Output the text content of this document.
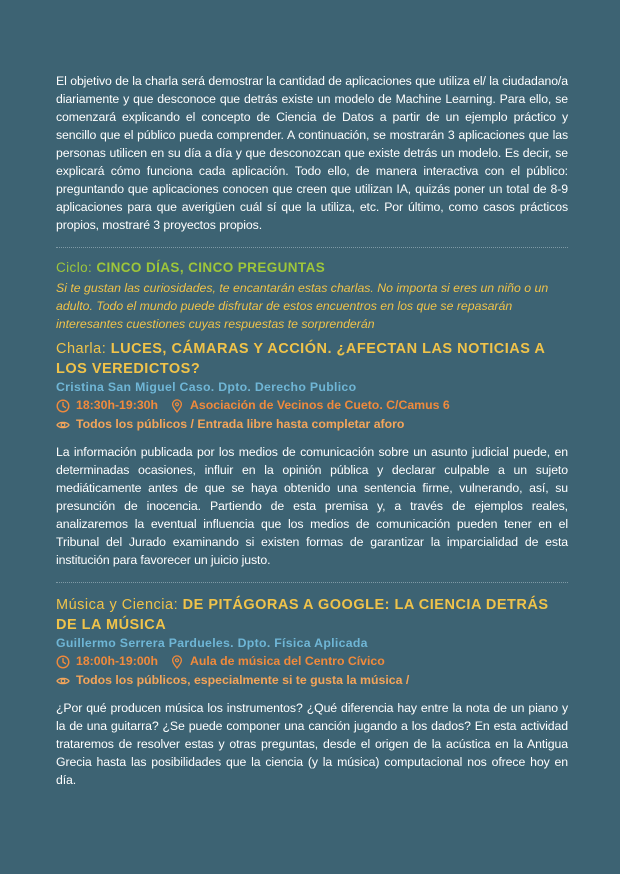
El objetivo de la charla será demostrar la cantidad de aplicaciones que utiliza el/ la ciudadano/a diariamente y que desconoce que detrás existe un modelo de Machine Learning. Para ello, se comenzará explicando el concepto de Ciencia de Datos a partir de un ejemplo práctico y sencillo que el público pueda comprender. A continuación, se mostrarán 3 aplicaciones que las personas utilicen en su día a día y que desconozcan que existe detrás un modelo. Es decir, se explicará cómo funciona cada aplicación. Todo ello, de manera interactiva con el público: preguntando que aplicaciones conocen que creen que utilizan IA, quizás poner un total de 8-9 aplicaciones para que averigüen cuál sí que la utiliza, etc. Por último, como casos prácticos propios, mostraré 3 proyectos propios.

Ciclo: CINCO DÍAS, CINCO PREGUNTAS

Si te gustan las curiosidades, te encantarán estas charlas. No importa si eres un niño o un adulto. Todo el mundo puede disfrutar de estos encuentros en los que se repasarán interesantes cuestiones cuyas respuestas te sorprenderán

Charla: LUCES, CÁMARAS Y ACCIÓN. ¿AFECTAN LAS NOTICIAS A LOS VEREDICTOS?
Cristina San Miguel Caso. Dpto. Derecho Publico
18:30h-19:30h	Asociación de Vecinos de Cueto. C/Camus 6
Todos los públicos / Entrada libre hasta completar aforo

La información publicada por los medios de comunicación sobre un asunto judicial puede, en determinadas ocasiones, influir en la opinión pública y declarar culpable a un sujeto mediáticamente antes de que se haya obtenido una sentencia firme, vulnerando, así, su presunción de inocencia. Partiendo de esta premisa y, a través de ejemplos reales, analizaremos la eventual influencia que los medios de comunicación pueden tener en el Tribunal del Jurado examinando si existen formas de garantizar la imparcialidad de esta institución para favorecer un juicio justo.

Música y Ciencia: DE PITÁGORAS A GOOGLE: LA CIENCIA DETRÁS DE LA MÚSICA
Guillermo Serrera Pardueles. Dpto. Física Aplicada
18:00h-19:00h	Aula de música del Centro Cívico
Todos los públicos, especialmente si te gusta la música /

¿Por qué producen música los instrumentos? ¿Qué diferencia hay entre la nota de un piano y la de una guitarra? ¿Se puede componer una canción jugando a los dados? En esta actividad trataremos de resolver estas y otras preguntas, desde el origen de la acústica en la Antigua Grecia hasta las posibilidades que la ciencia (y la música) computacional nos ofrece hoy en día.
